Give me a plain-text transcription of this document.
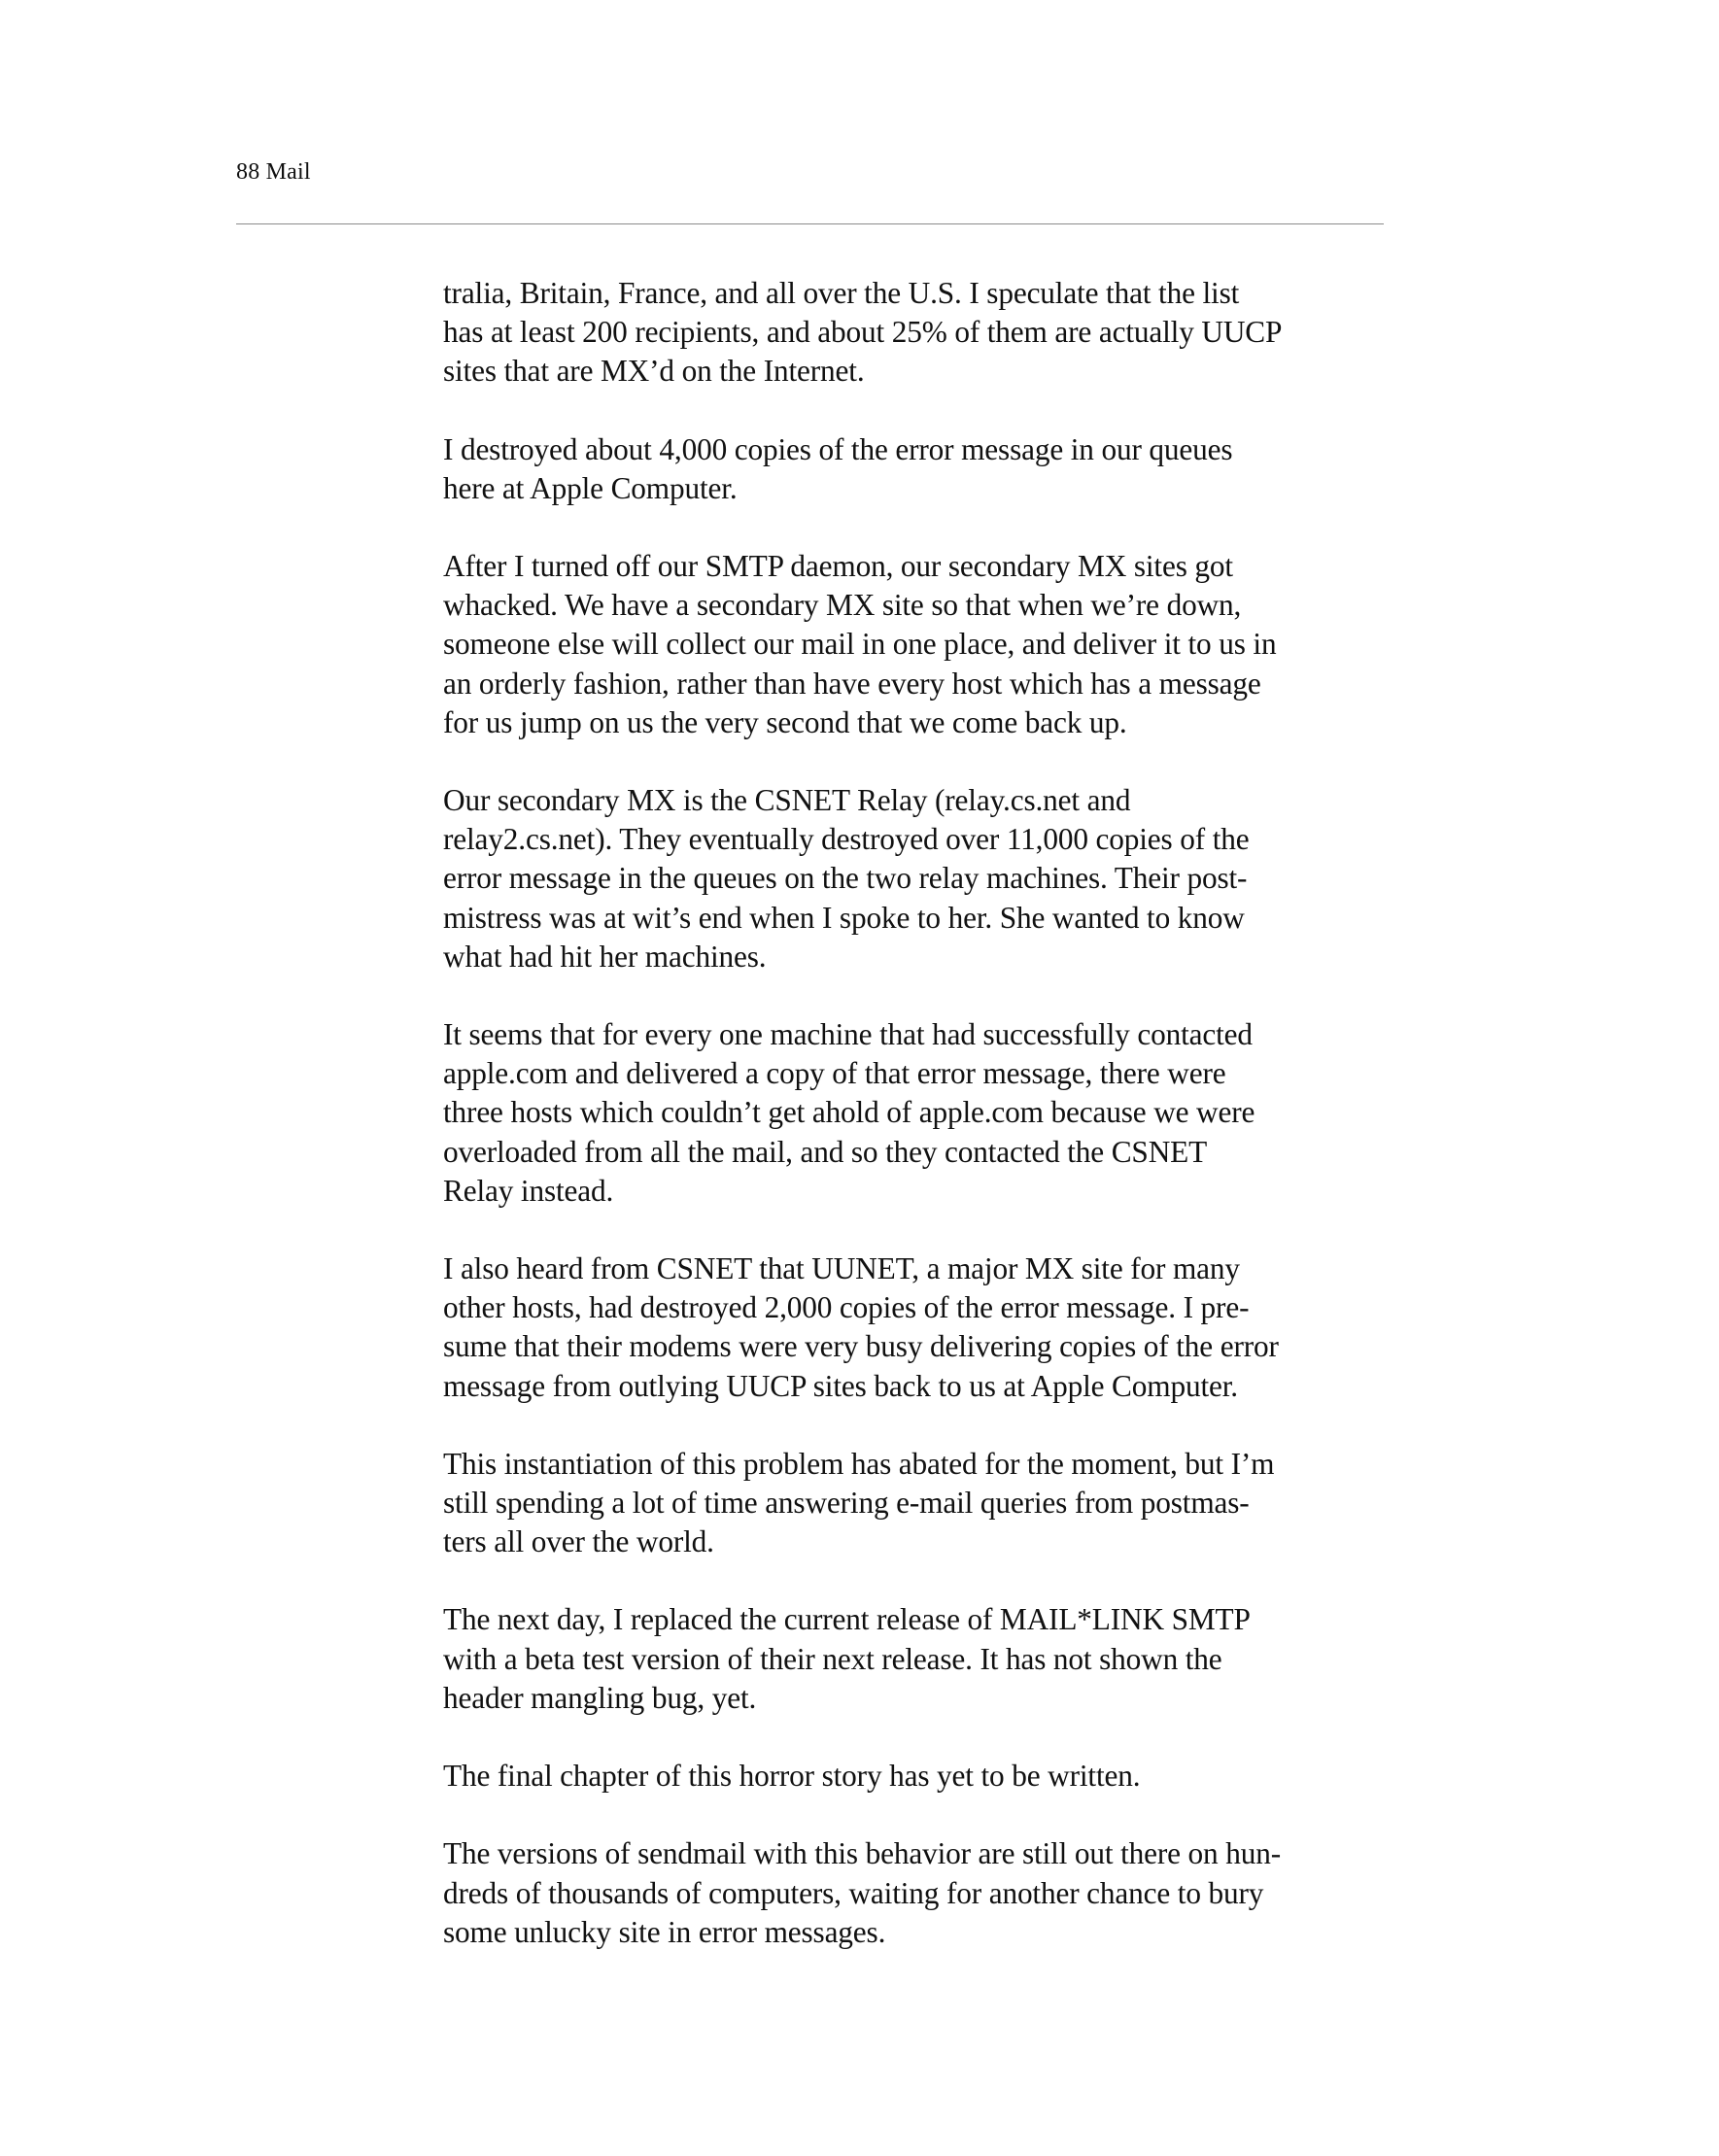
88 Mail

tralia, Britain, France, and all over the U.S. I speculate that the list
has at least 200 recipients, and about 25% of them are actually UUCP
sites that are MX’d on the Internet.

I destroyed about 4,000 copies of the error message in our queues
here at Apple Computer.

After I turned off our SMTP daemon, our secondary MX sites got
whacked. We have a secondary MX site so that when we’re down,
someone else will collect our mail in one place, and deliver it to us in
an orderly fashion, rather than have every host which has a message
for us jump on us the very second that we come back up.

Our secondary MX is the CSNET Relay (relay.cs.net and
relay2.cs.net). They eventually destroyed over 11,000 copies of the
error message in the queues on the two relay machines. Their post-
mistress was at wit’s end when I spoke to her. She wanted to know
what had hit her machines.

It seems that for every one machine that had successfully contacted
apple.com and delivered a copy of that error message, there were
three hosts which couldn’t get ahold of apple.com because we were
overloaded from all the mail, and so they contacted the CSNET
Relay instead.

I also heard from CSNET that UUNET, a major MX site for many
other hosts, had destroyed 2,000 copies of the error message. I pre-
sume that their modems were very busy delivering copies of the error
message from outlying UUCP sites back to us at Apple Computer.

This instantiation of this problem has abated for the moment, but I’m
still spending a lot of time answering e-mail queries from postmas-
ters all over the world.

The next day, I replaced the current release of MAIL*LINK SMTP
with a beta test version of their next release. It has not shown the
header mangling bug, yet.

The final chapter of this horror story has yet to be written.

The versions of sendmail with this behavior are still out there on hun-
dreds of thousands of computers, waiting for another chance to bury
some unlucky site in error messages.
